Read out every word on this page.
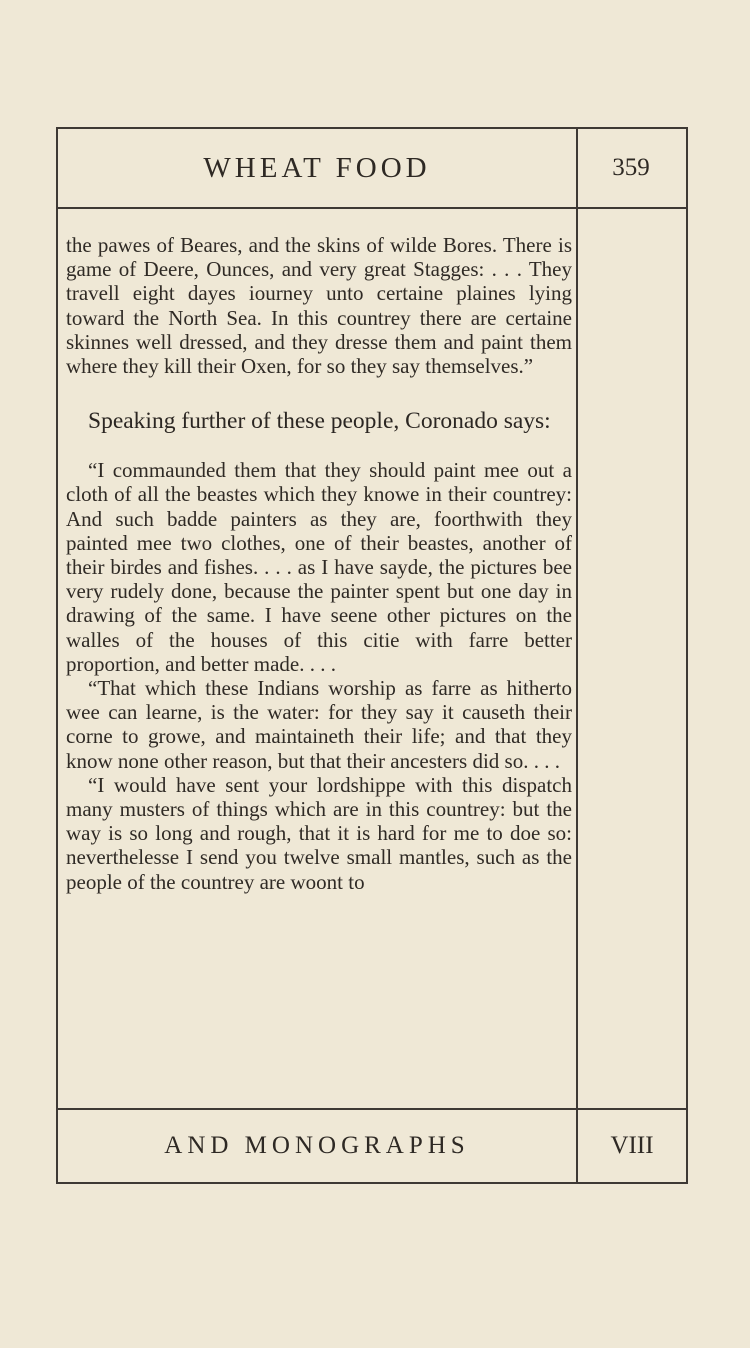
WHEAT FOOD	359

the pawes of Beares, and the skins of wilde Bores. There is game of Deere, Ounces, and very great Stagges: . . . They travell eight dayes iourney unto certaine plaines lying toward the North Sea. In this countrey there are certaine skinnes well dressed, and they dresse them and paint them where they kill their Oxen, for so they say themselves.”

Speaking further of these people, Coronado says:

“I commaunded them that they should paint mee out a cloth of all the beastes which they knowe in their countrey: And such badde painters as they are, foorthwith they painted mee two clothes, one of their beastes, another of their birdes and fishes. . . . as I have sayde, the pictures bee very rudely done, because the painter spent but one day in drawing of the same. I have seene other pictures on the walles of the houses of this citie with farre better proportion, and better made. . . .

“That which these Indians worship as farre as hitherto wee can learne, is the water: for they say it causeth their corne to growe, and maintaineth their life; and that they know none other reason, but that their ancesters did so. . . .

“I would have sent your lordshippe with this dispatch many musters of things which are in this countrey: but the way is so long and rough, that it is hard for me to doe so: neverthelesse I send you twelve small mantles, such as the people of the countrey are woont to

AND MONOGRAPHS	VIII
